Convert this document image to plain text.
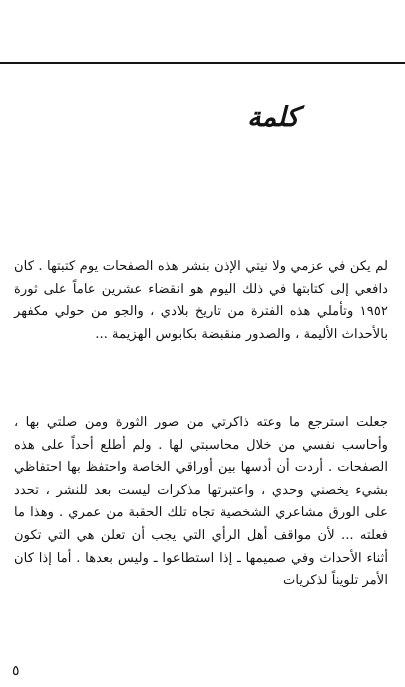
كلمة

لم يكن في عزمي ولا نيتي الإذن بنشر هذه الصفحات يوم كتبتها . كان دافعي إلى كتابتها في ذلك اليوم هو انقضاء عشرين عاماً على ثورة ١٩٥٢ وتأملي هذه الفترة من تاريخ بلادي ، والجو من حولي مكفهر بالأحداث الأليمة ، والصدور منقبضة بكابوس الهزيمة ...

جعلت استرجع ما وعته ذاكرتي من صور الثورة ومن صلتي بها ، وأحاسب نفسي من خلال محاسبتي لها . ولم أطلع أحداً على هذه الصفحات . أردت أن أدسها بين أوراقي الخاصة واحتفظ بها احتفاظي بشيء يخصني وحدي ، واعتبرتها مذكرات ليست بعد للنشر ، تحدد على الورق مشاعري الشخصية تجاه تلك الحقبة من عمري . وهذا ما فعلته ... لأن مواقف أهل الرأي التي يجب أن تعلن هي التي تكون أثناء الأحداث وفي صميمها ـ إذا استطاعوا ـ وليس بعدها . أما إذا كان الأمر تلويناً لذكريات

٥
